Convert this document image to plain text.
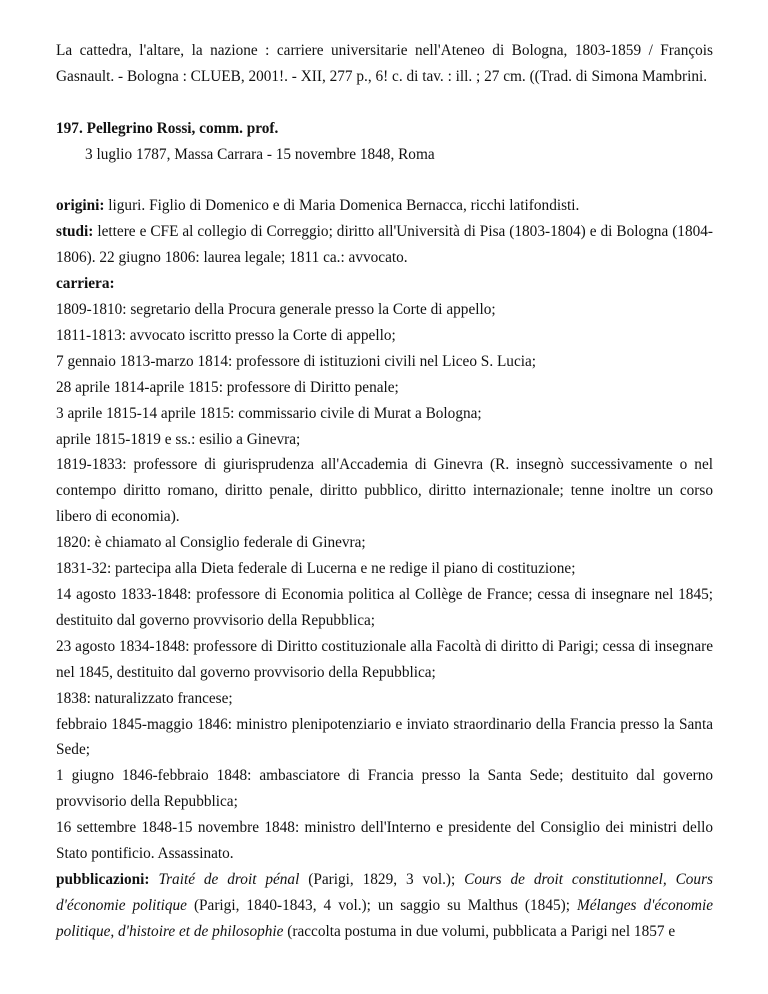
La cattedra, l'altare, la nazione : carriere universitarie nell'Ateneo di Bologna, 1803-1859 / François Gasnault. - Bologna : CLUEB, 2001!. - XII, 277 p., 6! c. di tav. : ill. ; 27 cm. ((Trad. di Simona Mambrini.

197. Pellegrino Rossi, comm. prof.

3 luglio 1787, Massa Carrara - 15 novembre 1848, Roma

origini: liguri. Figlio di Domenico e di Maria Domenica Bernacca, ricchi latifondisti.

studi: lettere e CFE al collegio di Correggio; diritto all'Università di Pisa (1803-1804) e di Bologna (1804-1806). 22 giugno 1806: laurea legale; 1811 ca.: avvocato.

carriera:

1809-1810: segretario della Procura generale presso la Corte di appello;

1811-1813: avvocato iscritto presso la Corte di appello;

7 gennaio 1813-marzo 1814: professore di istituzioni civili nel Liceo S. Lucia;

28 aprile 1814-aprile 1815: professore di Diritto penale;

3 aprile 1815-14 aprile 1815: commissario civile di Murat a Bologna;

aprile 1815-1819 e ss.: esilio a Ginevra;

1819-1833: professore di giurisprudenza all'Accademia di Ginevra (R. insegnò successivamente o nel contempo diritto romano, diritto penale, diritto pubblico, diritto internazionale; tenne inoltre un corso libero di economia).

1820: è chiamato al Consiglio federale di Ginevra;

1831-32: partecipa alla Dieta federale di Lucerna e ne redige il piano di costituzione;

14 agosto 1833-1848: professore di Economia politica al Collège de France; cessa di insegnare nel 1845; destituito dal governo provvisorio della Repubblica;

23 agosto 1834-1848: professore di Diritto costituzionale alla Facoltà di diritto di Parigi; cessa di insegnare nel 1845, destituito dal governo provvisorio della Repubblica;

1838: naturalizzato francese;

febbraio 1845-maggio 1846: ministro plenipotenziario e inviato straordinario della Francia presso la Santa Sede;

1 giugno 1846-febbraio 1848: ambasciatore di Francia presso la Santa Sede; destituito dal governo provvisorio della Repubblica;

16 settembre 1848-15 novembre 1848: ministro dell'Interno e presidente del Consiglio dei ministri dello Stato pontificio. Assassinato.

pubblicazioni: Traité de droit pénal (Parigi, 1829, 3 vol.); Cours de droit constitutionnel, Cours d'économie politique (Parigi, 1840-1843, 4 vol.); un saggio su Malthus (1845); Mélanges d'économie politique, d'histoire et de philosophie (raccolta postuma in due volumi, pubblicata a Parigi nel 1857 e
